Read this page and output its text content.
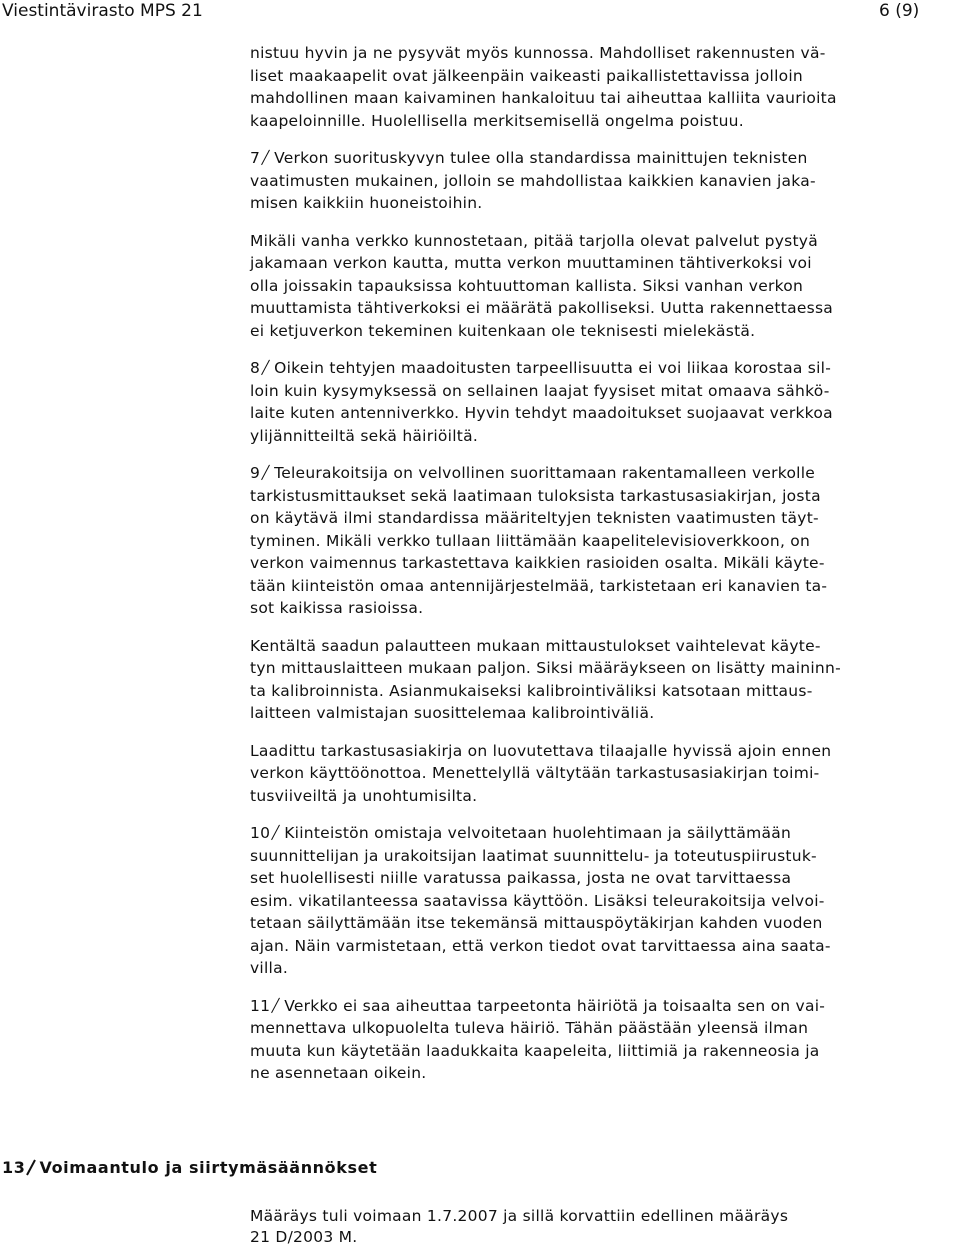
Viestintävirasto MPS 21	6 (9)
nistuu hyvin ja ne pysyvät myös kunnossa. Mahdolliset rakennusten vä-
liset maakaapelit ovat jälkeenpäin vaikeasti paikallistettavissa jolloin
mahdollinen maan kaivaminen hankaloituu tai aiheuttaa kalliita vaurioita
kaapeloinnille. Huolellisella merkitsemisellä ongelma poistuu.
7 Verkon suorituskyvyn tulee olla standardissa mainittujen teknisten
vaatimusten mukainen, jolloin se mahdollistaa kaikkien kanavien jaka-
misen kaikkiin huoneistoihin.
Mikäli vanha verkko kunnostetaan, pitää tarjolla olevat palvelut pystyä
jakamaan verkon kautta, mutta verkon muuttaminen tähtiverkoksi voi
olla joissakin tapauksissa kohtuuttoman kallista. Siksi vanhan verkon
muuttamista tähtiverkoksi ei määrätä pakolliseksi. Uutta rakennettaessa
ei ketjuverkon tekeminen kuitenkaan ole teknisesti mielekästä.
8 Oikein tehtyjen maadoitusten tarpeellisuutta ei voi liikaa korostaa sil-
loin kuin kysymyksessä on sellainen laajat fyysiset mitat omaava sähkö-
laite kuten antenniverkko. Hyvin tehdyt maadoitukset suojaavat verkkoa
ylijännitteiltä sekä häiriöiltä.
9 Teleurakoitsija on velvollinen suorittamaan rakentamalleen verkolle
tarkistusmittaukset sekä laatimaan tuloksista tarkastusasiakirjan, josta
on käytävä ilmi standardissa määriteltyjen teknisten vaatimusten täyt-
tyminen. Mikäli verkko tullaan liittämään kaapelitelevisioverkkoon, on
verkon vaimennus tarkastettava kaikkien rasioiden osalta. Mikäli käyte-
tään kiinteistön omaa antennijärjestelmää, tarkistetaan eri kanavien ta-
sot kaikissa rasioissa.
Kentältä saadun palautteen mukaan mittaustulokset vaihtelevat käyte-
tyn mittauslaitteen mukaan paljon. Siksi määräykseen on lisätty maininn-
ta kalibroinnista. Asianmukaiseksi kalibrointiväliksi katsotaan mittaus-
laitteen valmistajan suosittelemaa kalibrointiväliä.
Laadittu tarkastusasiakirja on luovutettava tilaajalle hyvissä ajoin ennen
verkon käyttöönottoa. Menettelyllä vältytään tarkastusasiakirjan toimi-
tusviiveiltä ja unohtumisilta.
10 Kiinteistön omistaja velvoitetaan huolehtimaan ja säilyttämään
suunnittelijan ja urakoitsijan laatimat suunnittelu- ja toteutuspiirustuk-
set huolellisesti niille varatussa paikassa, josta ne ovat tarvittaessa
esim. vikatilanteessa saatavissa käyttöön. Lisäksi teleurakoitsija velvoi-
tetaan säilyttämään itse tekemänsä mittauspöytäkirjan kahden vuoden
ajan. Näin varmistetaan, että verkon tiedot ovat tarvittaessa aina saata-
villa.
11 Verkko ei saa aiheuttaa tarpeetonta häiriötä ja toisaalta sen on vai-
mennettava ulkopuolelta tuleva häiriö. Tähän päästään yleensä ilman
muuta kun käytetään laadukkaita kaapeleita, liittimiä ja rakenneosia ja
ne asennetaan oikein.
13 Voimaantulo ja siirtymäsäännökset
Määräys tuli voimaan 1.7.2007 ja sillä korvattiin edellinen määräys
21 D/2003 M.
